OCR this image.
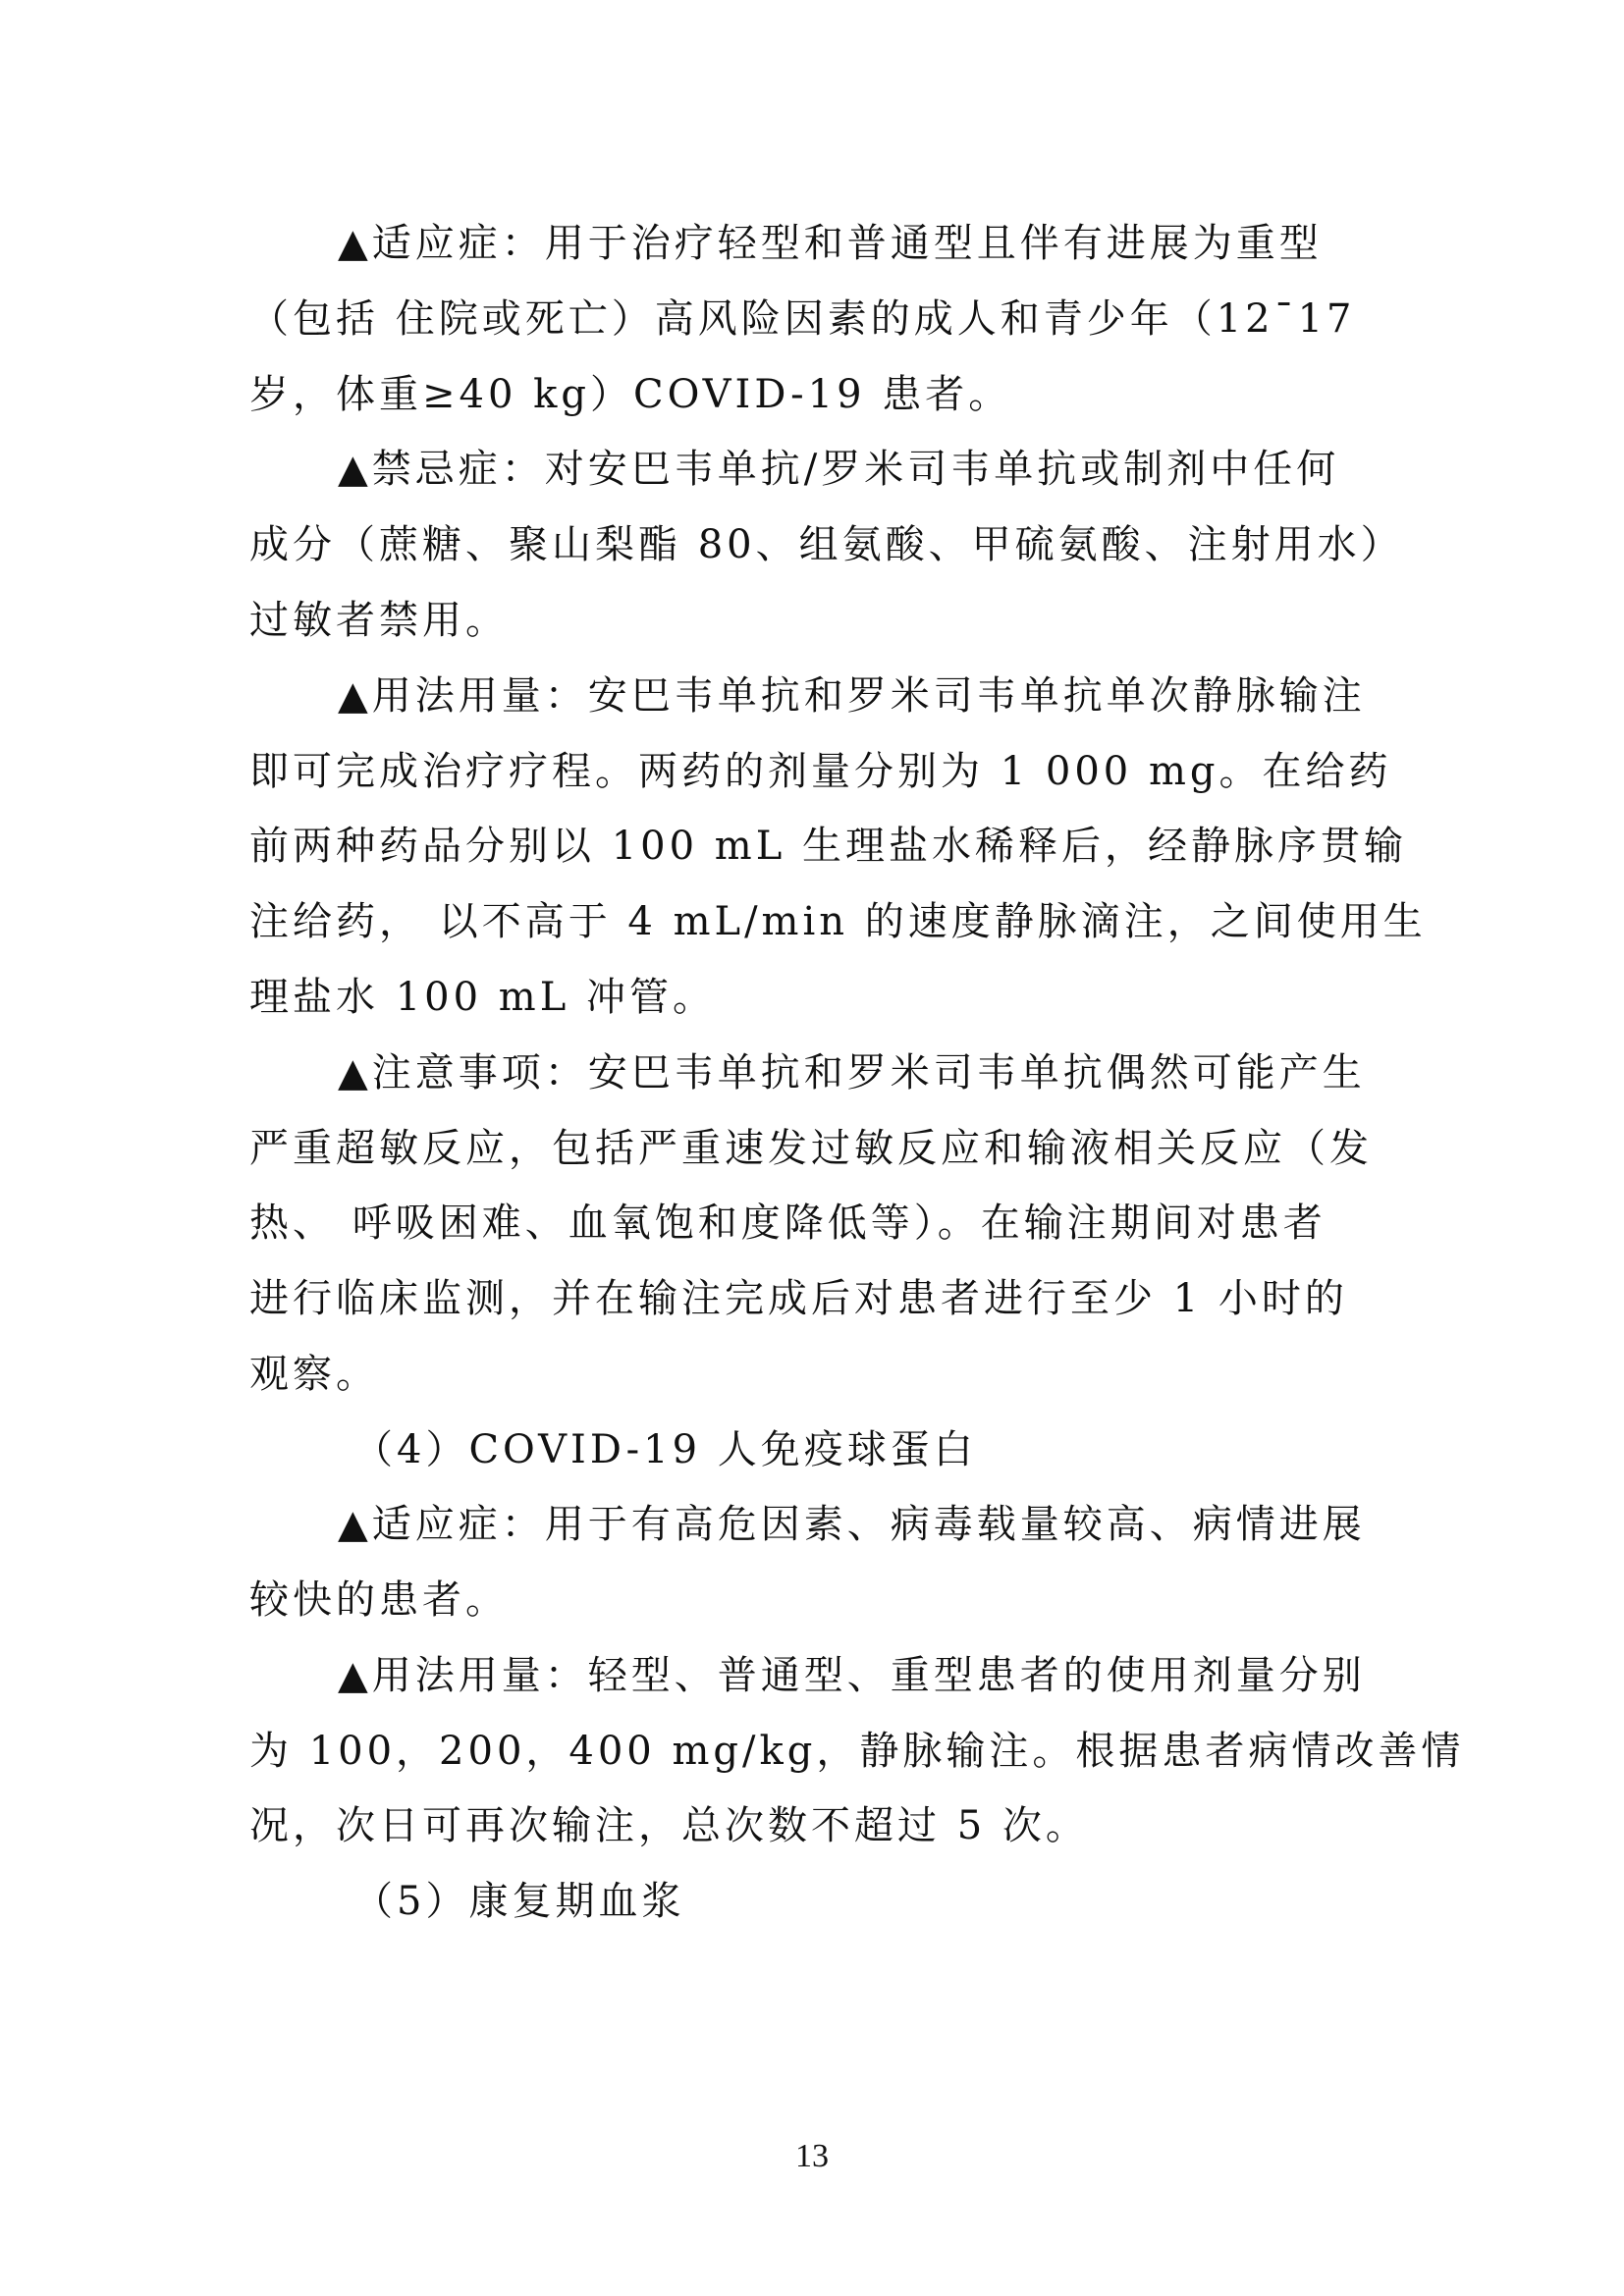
▲适应症：用于治疗轻型和普通型且伴有进展为重型
（包括 住院或死亡）高风险因素的成人和青少年（12¯17
岁，体重≥40 kg）COVID-19 患者。
▲禁忌症：对安巴韦单抗/罗米司韦单抗或制剂中任何
成分（蔗糖、聚山梨酯 80、组氨酸、甲硫氨酸、注射用水）
过敏者禁用。
▲用法用量：安巴韦单抗和罗米司韦单抗单次静脉输注
即可完成治疗疗程。两药的剂量分别为 1 000 mg。在给药
前两种药品分别以 100 mL 生理盐水稀释后，经静脉序贯输
注给药， 以不高于 4 mL/min 的速度静脉滴注，之间使用生
理盐水 100 mL 冲管。
▲注意事项：安巴韦单抗和罗米司韦单抗偶然可能产生
严重超敏反应，包括严重速发过敏反应和输液相关反应（发
热、 呼吸困难、血氧饱和度降低等）。在输注期间对患者
进行临床监测，并在输注完成后对患者进行至少 1 小时的
观察。
（4）COVID-19 人免疫球蛋白
▲适应症：用于有高危因素、病毒载量较高、病情进展
较快的患者。
▲用法用量：轻型、普通型、重型患者的使用剂量分别
为 100，200，400 mg/kg，静脉输注。根据患者病情改善情
况，次日可再次输注，总次数不超过 5 次。
（5）康复期血浆
13
